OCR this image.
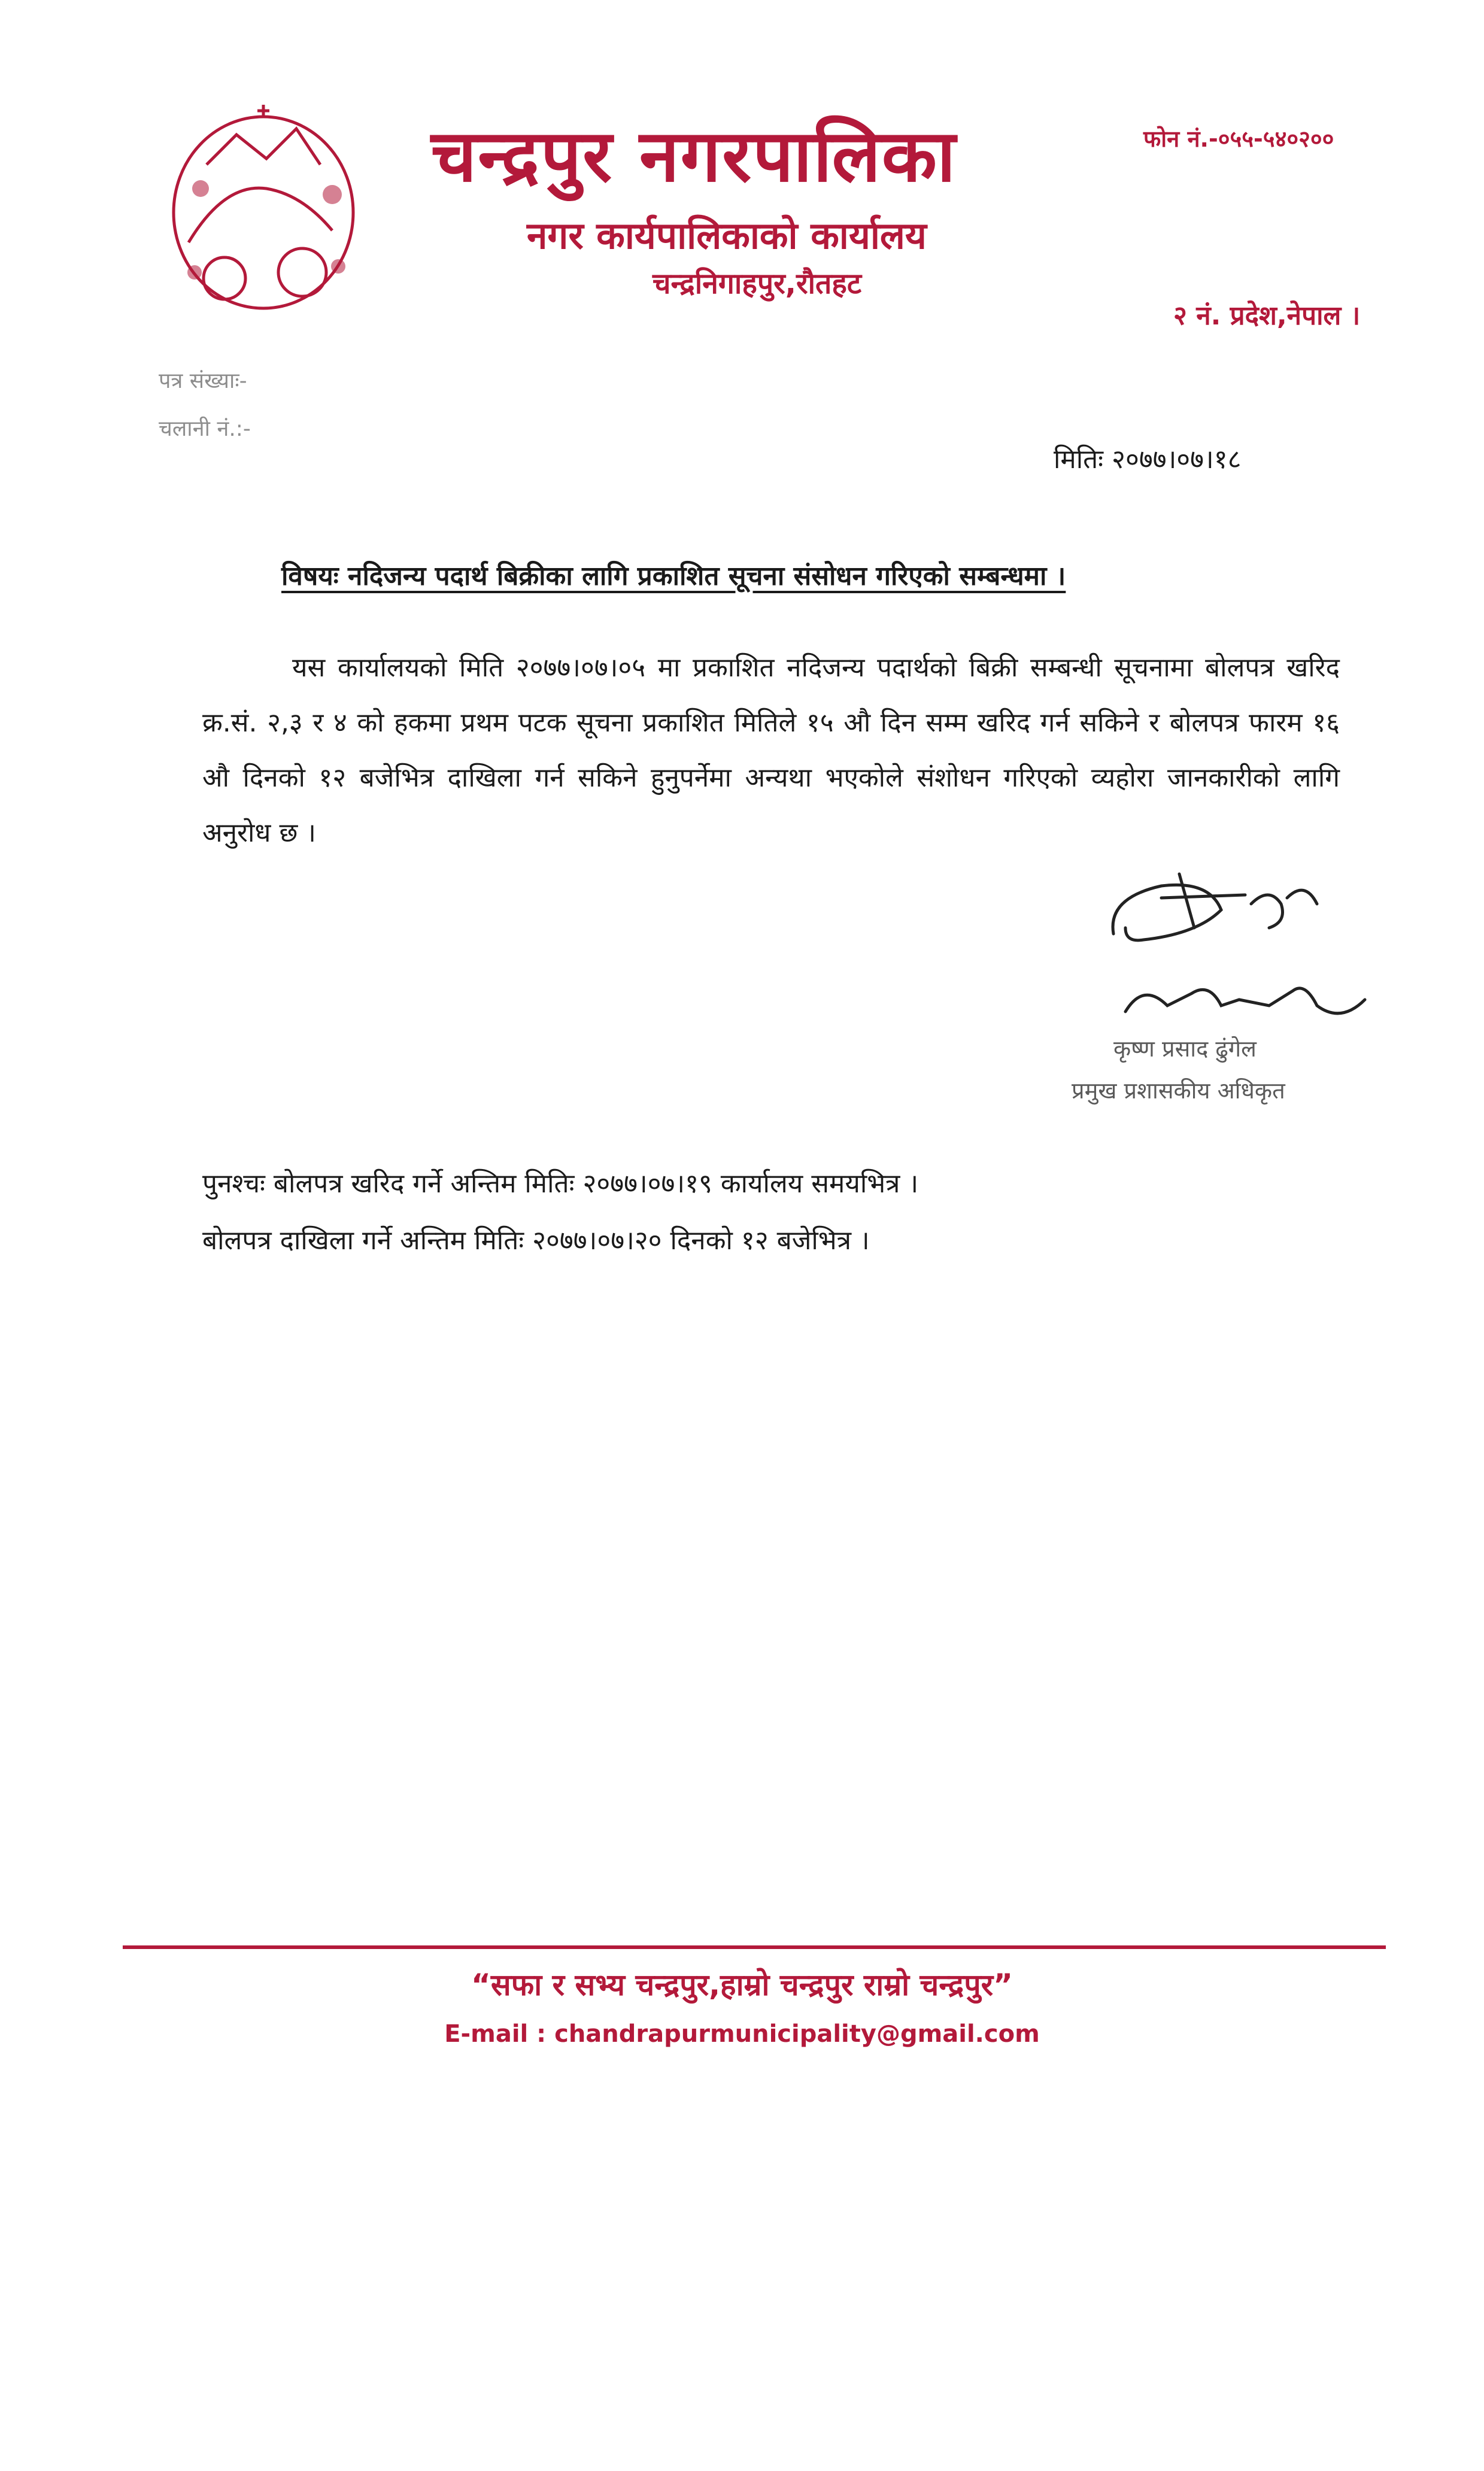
चन्द्रपुर नगरपालिका
नगर कार्यपालिकाको कार्यालय
चन्द्रनिगाहपुर,रौतहट
फोन नं.-०५५-५४०२००
२ नं. प्रदेश,नेपाल ।
पत्र संख्याः-
चलानी नं.:-
मितिः २०७७।०७।१८
विषयः नदिजन्य पदार्थ बिक्रीका लागि प्रकाशित सूचना संसोधन गरिएको सम्बन्धमा ।
यस कार्यालयको मिति २०७७।०७।०५ मा प्रकाशित नदिजन्य पदार्थको बिक्री सम्बन्धी सूचनामा बोलपत्र खरिद क्र.सं. २,३ र ४ को हकमा प्रथम पटक सूचना प्रकाशित मितिले १५ औ दिन सम्म खरिद गर्न सकिने र बोलपत्र फारम १६ औ दिनको १२ बजेभित्र दाखिला गर्न सकिने हुनुपर्नेमा अन्यथा भएकोले संशोधन गरिएको व्यहोरा जानकारीको लागि अनुरोध छ ।
कृष्ण प्रसाद ढुंगेल
प्रमुख प्रशासकीय अधिकृत
पुनश्चः बोलपत्र खरिद गर्ने अन्तिम मितिः २०७७।०७।१९ कार्यालय समयभित्र ।
बोलपत्र दाखिला गर्ने अन्तिम मितिः २०७७।०७।२० दिनको १२ बजेभित्र ।
“सफा र सभ्य चन्द्रपुर,हाम्रो चन्द्रपुर राम्रो चन्द्रपुर”
E-mail : chandrapurmunicipality@gmail.com
